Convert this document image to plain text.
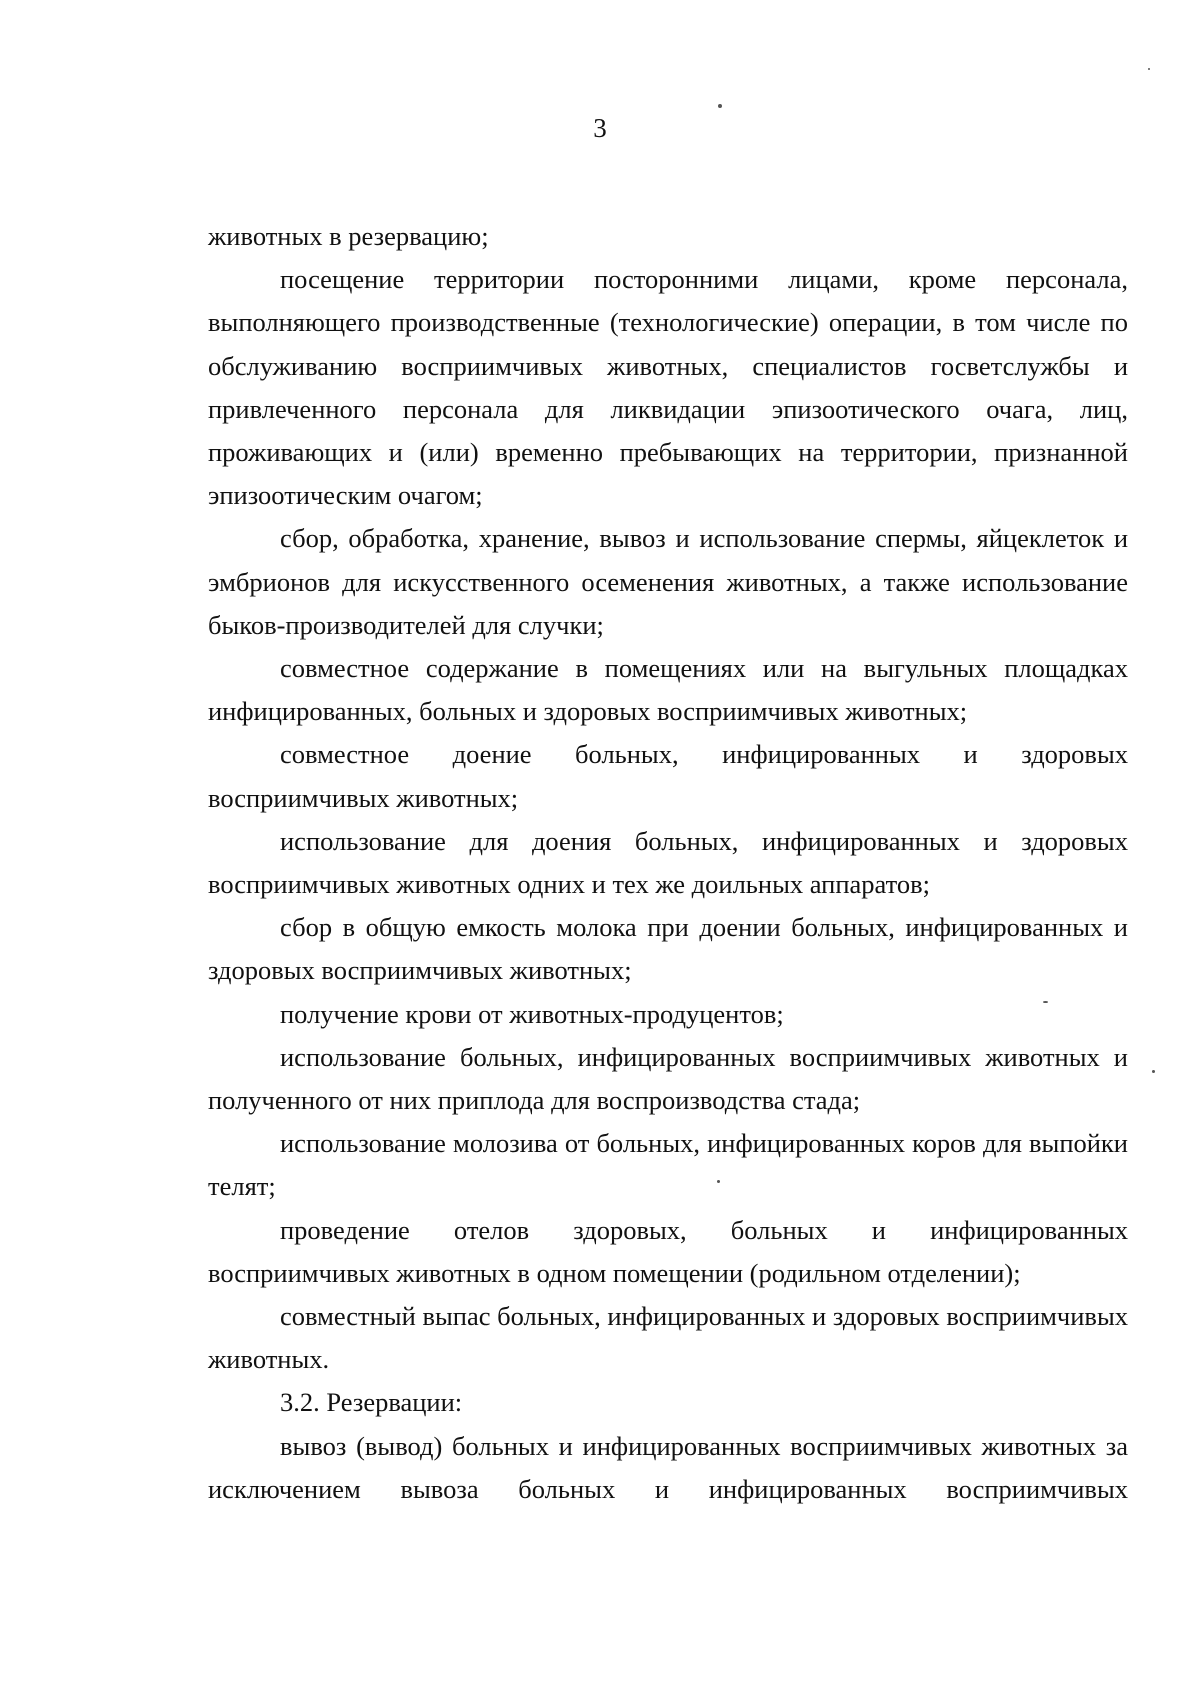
3

животных в резервацию;

посещение территории посторонними лицами, кроме персонала, выполняющего производственные (технологические) операции, в том числе по обслуживанию восприимчивых животных, специалистов госветслужбы и привлеченного персонала для ликвидации эпизоотического очага, лиц, проживающих и (или) временно пребывающих на территории, признанной эпизоотическим очагом;

сбор, обработка, хранение, вывоз и использование спермы, яйцеклеток и эмбрионов для искусственного осеменения животных, а также использование быков-производителей для случки;

совместное содержание в помещениях или на выгульных площадках инфицированных, больных и здоровых восприимчивых животных;

совместное доение больных, инфицированных и здоровых восприимчивых животных;

использование для доения больных, инфицированных и здоровых восприимчивых животных одних и тех же доильных аппаратов;

сбор в общую емкость молока при доении больных, инфицированных и здоровых восприимчивых животных;

получение крови от животных-продуцентов;

использование больных, инфицированных восприимчивых животных и полученного от них приплода для воспроизводства стада;

использование молозива от больных, инфицированных коров для выпойки телят;

проведение отелов здоровых, больных и инфицированных восприимчивых животных в одном помещении (родильном отделении);

совместный выпас больных, инфицированных и здоровых восприимчивых животных.

3.2. Резервации:

вывоз (вывод) больных и инфицированных восприимчивых животных за исключением вывоза больных и инфицированных восприимчивых
